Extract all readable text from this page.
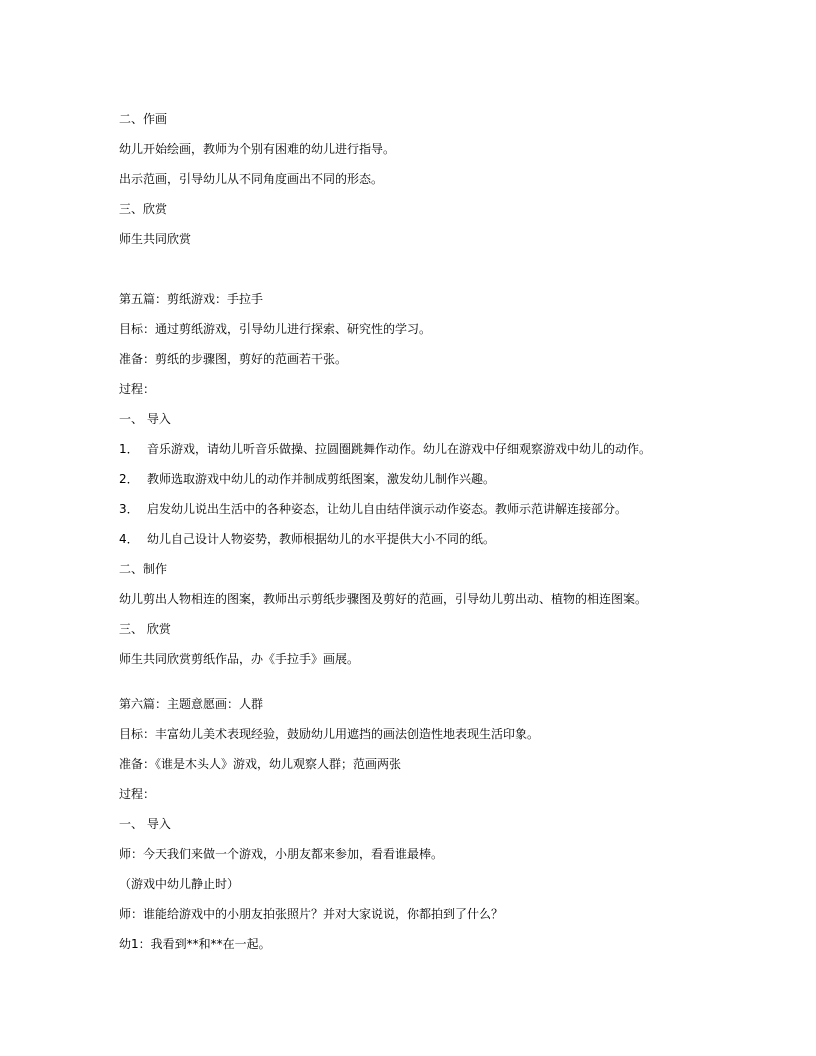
二、作画
幼儿开始绘画，教师为个别有困难的幼儿进行指导。
出示范画，引导幼儿从不同角度画出不同的形态。
三、欣赏
师生共同欣赏
第五篇：剪纸游戏：手拉手
目标：通过剪纸游戏，引导幼儿进行探索、研究性的学习。
准备：剪纸的步骤图，剪好的范画若干张。
过程：
一、 导入
1． 音乐游戏，请幼儿听音乐做操、拉圆圈跳舞作动作。幼儿在游戏中仔细观察游戏中幼儿的动作。
2． 教师选取游戏中幼儿的动作并制成剪纸图案，激发幼儿制作兴趣。
3． 启发幼儿说出生活中的各种姿态，让幼儿自由结伴演示动作姿态。教师示范讲解连接部分。
4． 幼儿自己设计人物姿势，教师根据幼儿的水平提供大小不同的纸。
二、制作
幼儿剪出人物相连的图案，教师出示剪纸步骤图及剪好的范画，引导幼儿剪出动、植物的相连图案。
三、 欣赏
师生共同欣赏剪纸作品，办《手拉手》画展。
第六篇：主题意愿画：人群
目标：丰富幼儿美术表现经验，鼓励幼儿用遮挡的画法创造性地表现生活印象。
准备：《谁是木头人》游戏，幼儿观察人群；范画两张
过程：
一、 导入
师：今天我们来做一个游戏，小朋友都来参加，看看谁最棒。
（游戏中幼儿静止时）
师：谁能给游戏中的小朋友拍张照片？并对大家说说，你都拍到了什么？
幼1：我看到**和**在一起。
